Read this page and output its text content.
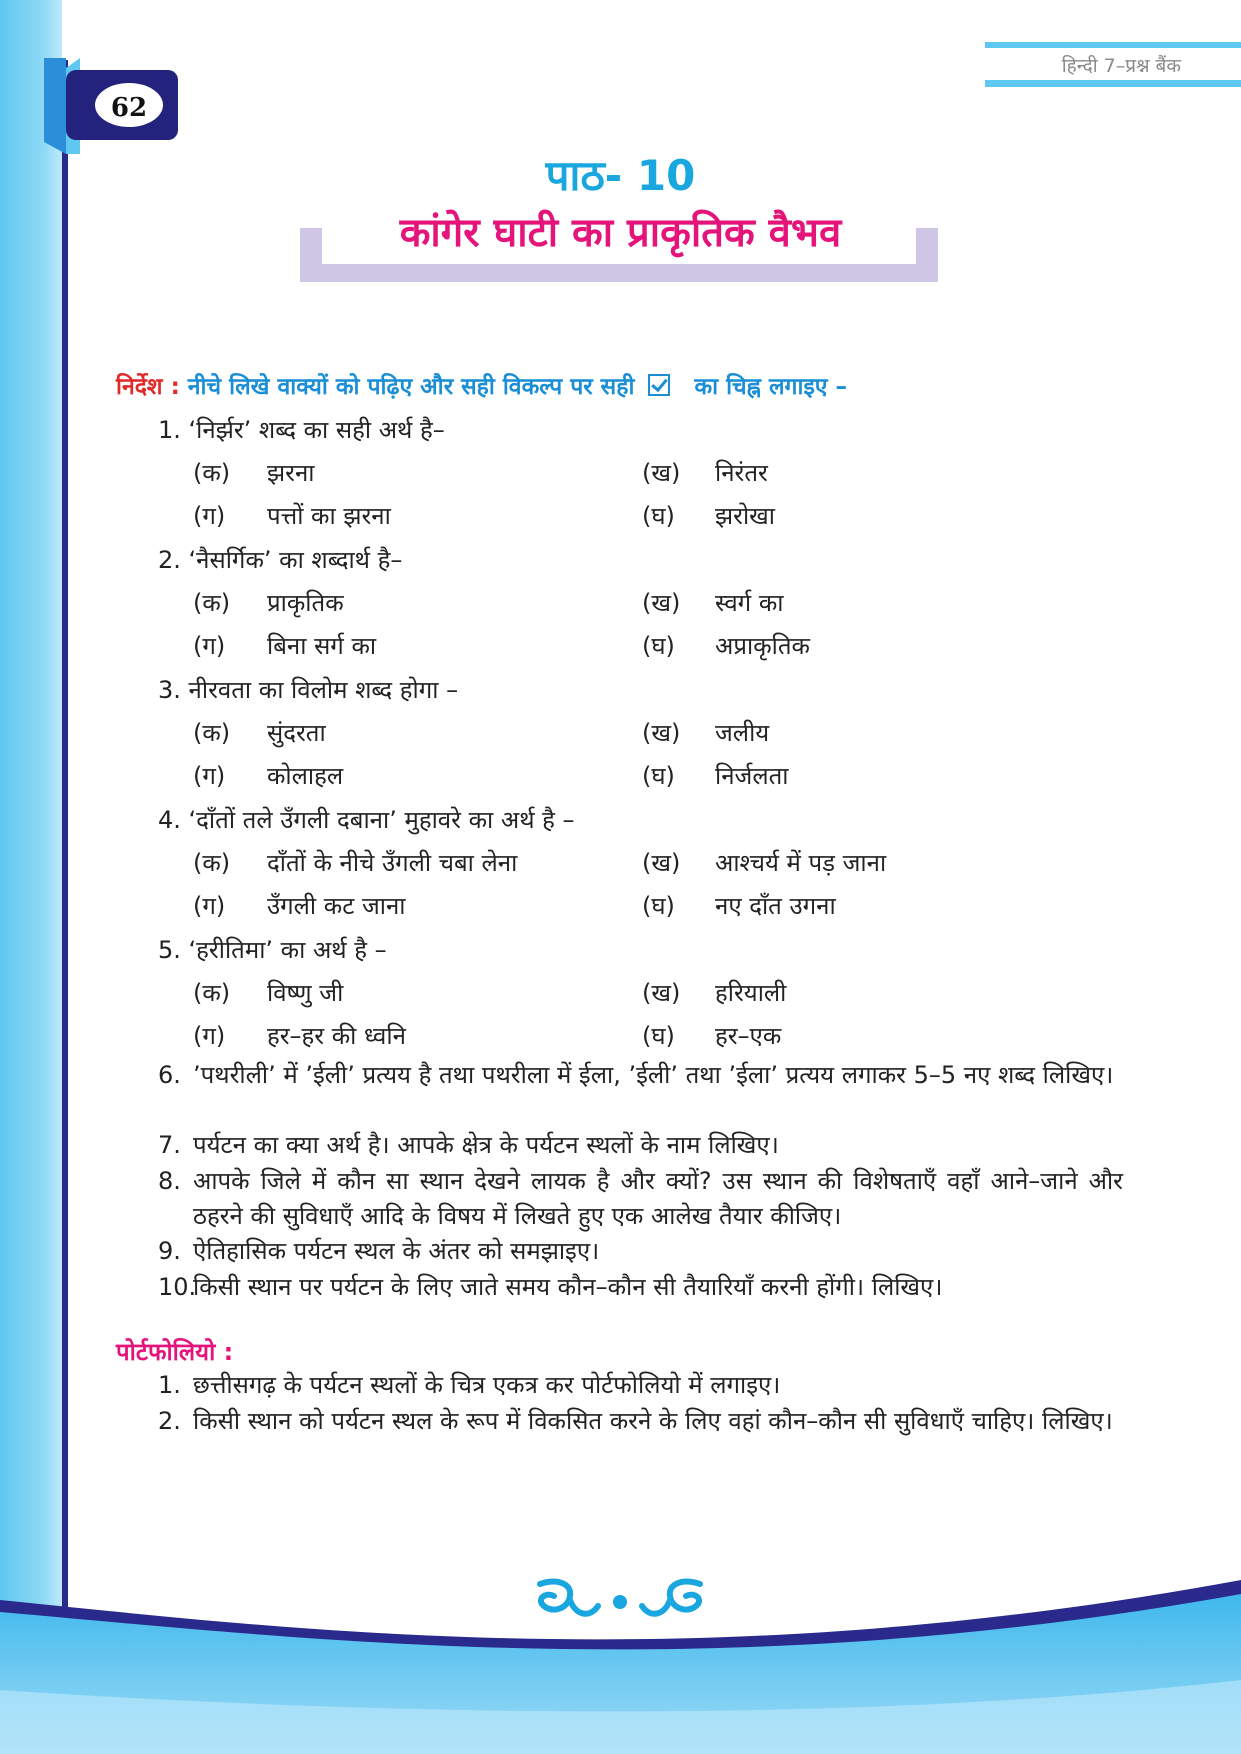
62
हिन्दी 7–प्रश्न बैंक
पाठ- 10
कांगेर घाटी का प्राकृतिक वैभव
निर्देश : नीचे लिखे वाक्यों को पढ़िए और सही विकल्प पर सही	का चिह्न लगाइए –
1. ‘निर्झर’ शब्द का सही अर्थ है–
(क) झरना	(ख) निरंतर
(ग) पत्तों का झरना	(घ) झरोखा
2. ‘नैसर्गिक’ का शब्दार्थ है–
(क) प्राकृतिक	(ख) स्वर्ग का
(ग) बिना सर्ग का	(घ) अप्राकृतिक
3. नीरवता का विलोम शब्द होगा –
(क) सुंदरता	(ख) जलीय
(ग) कोलाहल	(घ) निर्जलता
4. ‘दाँतों तले उँगली दबाना’ मुहावरे का अर्थ है –
(क) दाँतों के नीचे उँगली चबा लेना	(ख) आश्चर्य में पड़ जाना
(ग) उँगली कट जाना	(घ) नए दाँत उगना
5. ‘हरीतिमा’ का अर्थ है –
(क) विष्णु जी	(ख) हरियाली
(ग) हर–हर की ध्वनि	(घ) हर–एक
6. ’पथरीली’ में ’ईली’ प्रत्यय है तथा पथरीला में ईला, ’ईली’ तथा ’ईला’ प्रत्यय लगाकर 5–5 नए शब्द लिखिए।
7. पर्यटन का क्या अर्थ है। आपके क्षेत्र के पर्यटन स्थलों के नाम लिखिए।
8. आपके जिले में कौन सा स्थान देखने लायक है और क्यों? उस स्थान की विशेषताएँ वहाँ आने–जाने और ठहरने की सुविधाएँ आदि के विषय में लिखते हुए एक आलेख तैयार कीजिए।
9. ऐतिहासिक पर्यटन स्थल के अंतर को समझाइए।
10.
किसी स्थान पर पर्यटन के लिए जाते समय कौन–कौन सी तैयारियाँ करनी होंगी। लिखिए।
पोर्टफोलियो :
1. छत्तीसगढ़ के पर्यटन स्थलों के चित्र एकत्र कर पोर्टफोलियो में लगाइए।
2. किसी स्थान को पर्यटन स्थल के रूप में विकसित करने के लिए वहां कौन–कौन सी सुविधाएँ चाहिए। लिखिए।
